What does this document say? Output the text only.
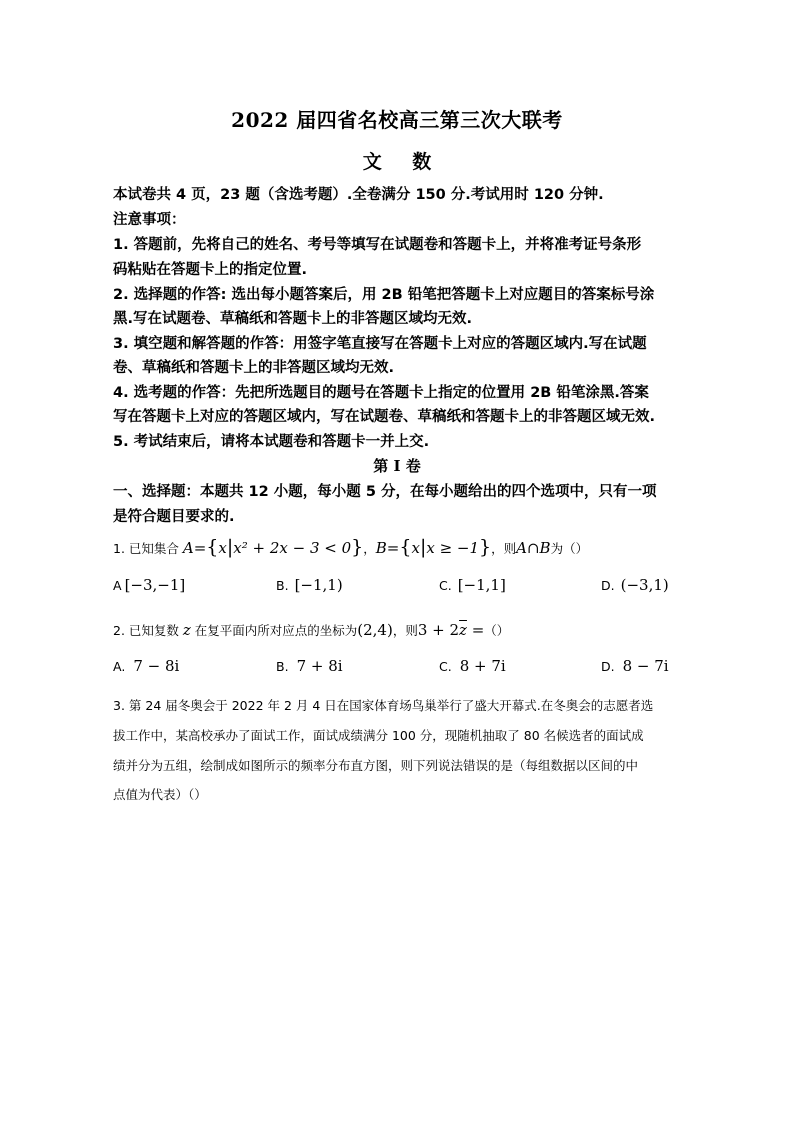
2022 届四省名校高三第三次大联考
文 数
本试卷共 4 页，23 题（含选考题）.全卷满分 150 分.考试用时 120 分钟.
注意事项：
1. 答题前，先将自己的姓名、考号等填写在试题卷和答题卡上，并将准考证号条形
码粘贴在答题卡上的指定位置.
2. 选择题的作答: 选出每小题答案后，用 2B 铅笔把答题卡上对应题目的答案标号涂
黑.写在试题卷、草稿纸和答题卡上的非答题区域均无效.
3. 填空题和解答题的作答：用签字笔直接写在答题卡上对应的答题区域内.写在试题
卷、草稿纸和答题卡上的非答题区域均无效.
4. 选考题的作答：先把所选题目的题号在答题卡上指定的位置用 2B 铅笔涂黑.答案
写在答题卡上对应的答题区域内，写在试题卷、草稿纸和答题卡上的非答题区域无效.
5. 考试结束后，请将本试题卷和答题卡一并上交.
第 I 卷
一、选择题：本题共 12 小题，每小题 5 分，在每小题给出的四个选项中，只有一项
是符合题目要求的.
1. 已知集合 A={x|x² + 2x − 3 < 0}，B={x|x ≥ −1}，则A∩B为（）
A [−3,−1]	B. [−1,1)	C. [−1,1]	D. (−3,1)
2. 已知复数 z 在复平面内所对应点的坐标为(2,4)，则$3 + 2\overline{z}$ =（）
A. 7 − 8i	B. 7 + 8i	C. 8 + 7i	D. 8 − 7i
3. 第 24 届冬奥会于 2022 年 2 月 4 日在国家体育场鸟巢举行了盛大开幕式.在冬奥会的志愿者选
拔工作中，某高校承办了面试工作，面试成绩满分 100 分，现随机抽取了 80 名候选者的面试成
绩并分为五组，绘制成如图所示的频率分布直方图，则下列说法错误的是（每组数据以区间的中
点值为代表）（）
